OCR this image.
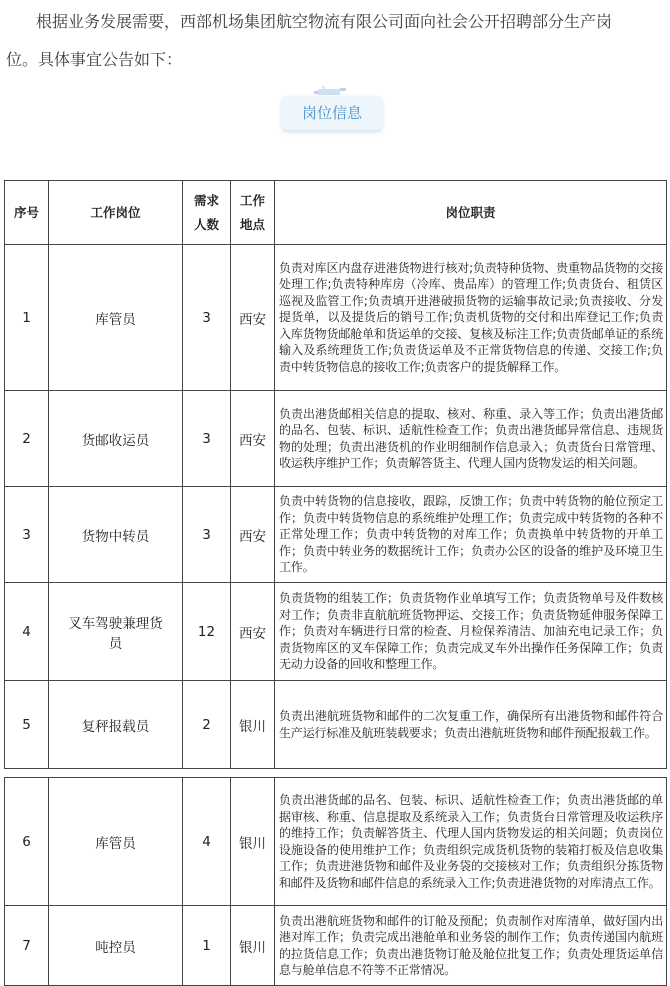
根据业务发展需要，西部机场集团航空物流有限公司面向社会公开招聘部分生产岗
位。具体事宜公告如下：
岗位信息
序号	工作岗位	需求人数	工作地点	岗位职责
1	库管员	3	西安	负责对库区内盘存进港货物进行核对;负责特种货物、贵重物品货物的交接处理工作;负责特种库房（冷库、贵品库）的管理工作;负责货台、租赁区巡视及监管工作;负责填开进港破损货物的运输事故记录;负责接收、分发提货单，以及提货后的销号工作;负责机货物的交付和出库登记工作;负责入库货物货邮舱单和货运单的交接、复核及标注工作;负责货邮单证的系统输入及系统理货工作;负责货运单及不正常货物信息的传递、交接工作;负责中转货物信息的接收工作;负责客户的提货解释工作。
2	货邮收运员	3	西安	负责出港货邮相关信息的提取、核对、称重、录入等工作；负责出港货邮的品名、包装、标识、适航性检查工作；负责出港货邮异常信息、违规货物的处理；负责出港货机的作业明细制作信息录入；负责货台日常管理、收运秩序维护工作；负责解答货主、代理人国内货物发运的相关问题。
3	货物中转员	3	西安	负责中转货物的信息接收，跟踪，反馈工作；负责中转货物的舱位预定工作；负责中转货物信息的系统维护处理工作；负责完成中转货物的各种不正常处理工作；负责中转货物的对库工作；负责换单中转货物的开单工作；负责中转业务的数据统计工作；负责办公区的设备的维护及环境卫生工作。
4	叉车驾驶兼理货员	12	西安	负责货物的组装工作；负责货物作业单填写工作；负责货物单号及件数核对工作；负责非直航航班货物押运、交接工作；负责货物延伸服务保障工作；负责对车辆进行日常的检查、月检保养清洁、加油充电记录工作；负责货物库区的叉车保障工作；负责完成叉车外出操作任务保障工作；负责无动力设备的回收和整理工作。
5	复秤报载员	2	银川	负责出港航班货物和邮件的二次复重工作，确保所有出港货物和邮件符合生产运行标准及航班装载要求；负责出港航班货物和邮件预配报载工作。

6	库管员	4	银川	负责出港货邮的品名、包装、标识、适航性检查工作；负责出港货邮的单据审核、称重、信息提取及系统录入工作；负责货台日常管理及收运秩序的维持工作；负责解答货主、代理人国内货物发运的相关问题；负责岗位设施设备的使用维护工作；负责组织完成货机货物的装箱打板及信息收集工作；负责进港货物和邮件及业务袋的交接核对工作；负责组织分拣货物和邮件及货物和邮件信息的系统录入工作;负责进港货物的对库清点工作。
7	吨控员	1	银川	负责出港航班货物和邮件的订舱及预配；负责制作对库清单，做好国内出港对库工作；负责完成出港舱单和业务袋的制作工作；负责传递国内航班的拉货信息工作；负责出港货物订舱及舱位批复工作；负责处理货运单信息与舱单信息不符等不正常情况。
